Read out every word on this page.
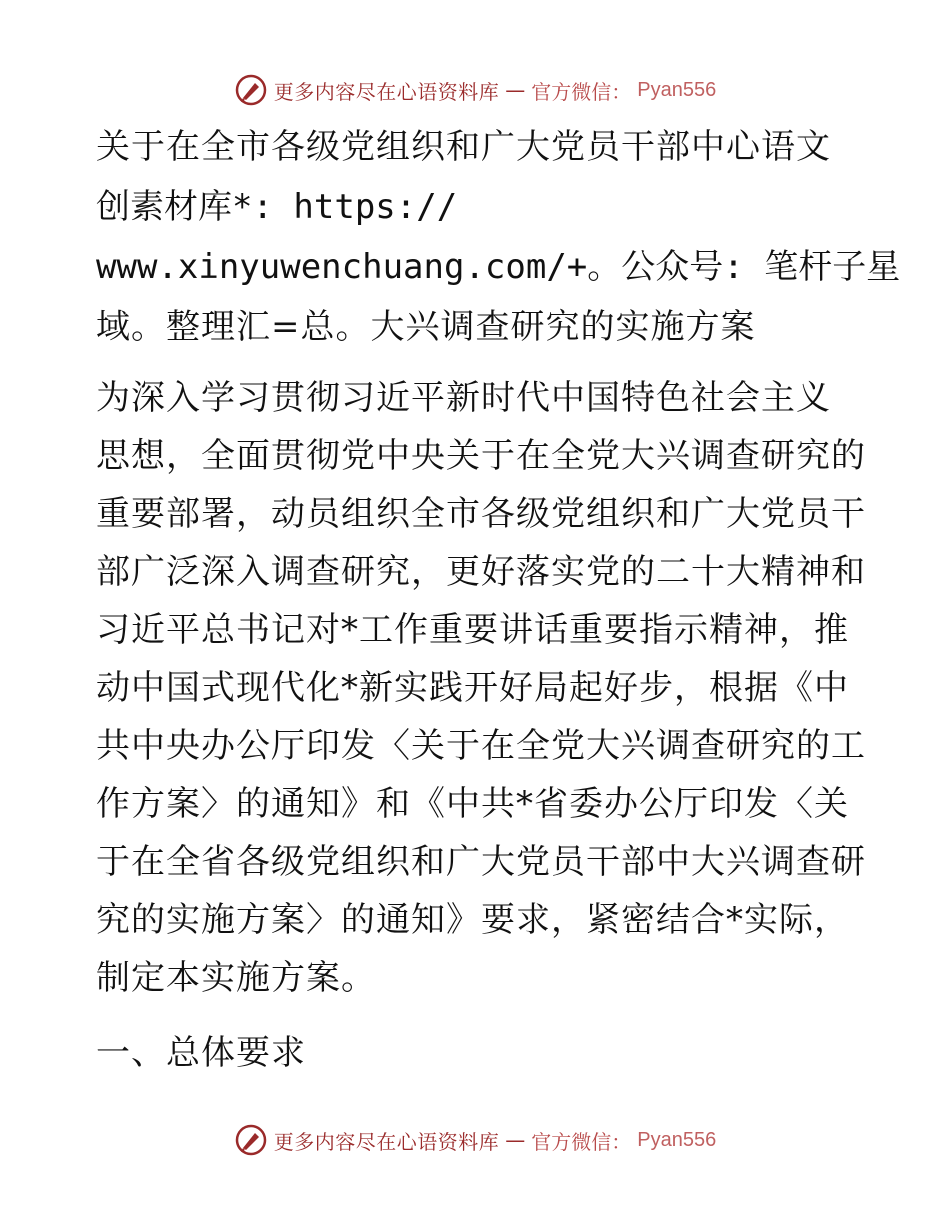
更多内容尽在心语资料库 — 官方微信： Pyan556
关于在全市各级党组织和广大党员干部中心语文
创素材库*: https://
www.xinyuwenchuang.com/+。公众号: 笔杆子星
域。整理汇=总。大兴调查研究的实施方案
为深入学习贯彻习近平新时代中国特色社会主义
思想，全面贯彻党中央关于在全党大兴调查研究的
重要部署，动员组织全市各级党组织和广大党员干
部广泛深入调查研究，更好落实党的二十大精神和
习近平总书记对*工作重要讲话重要指示精神，推
动中国式现代化*新实践开好局起好步，根据《中
共中央办公厅印发〈关于在全党大兴调查研究的工
作方案〉的通知》和《中共*省委办公厅印发〈关
于在全省各级党组织和广大党员干部中大兴调查研
究的实施方案〉的通知》要求，紧密结合*实际，
制定本实施方案。
一、总体要求
更多内容尽在心语资料库 — 官方微信： Pyan556
